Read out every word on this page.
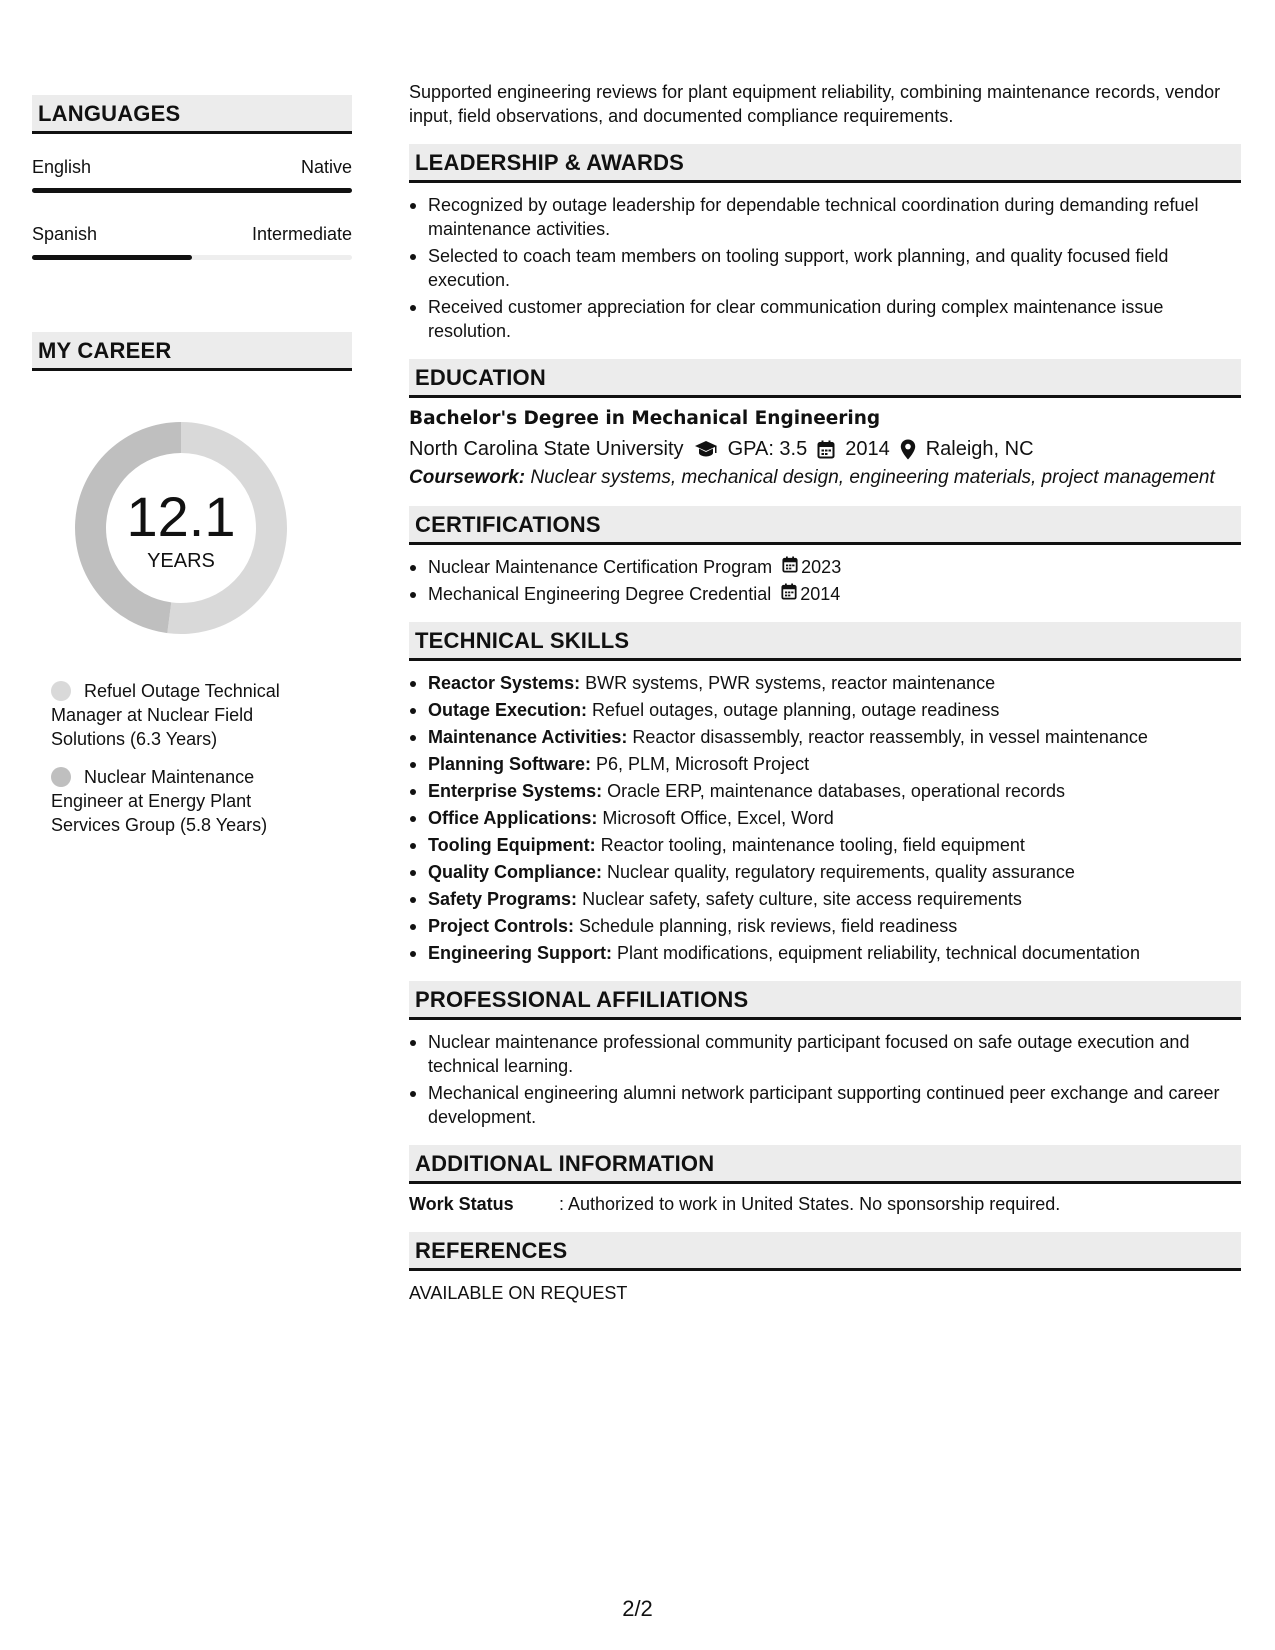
LANGUAGES
English	Native
Spanish	Intermediate
MY CAREER
12.1
YEARS
Refuel Outage Technical Manager at Nuclear Field Solutions (6.3 Years)
Nuclear Maintenance Engineer at Energy Plant Services Group (5.8 Years)

Supported engineering reviews for plant equipment reliability, combining maintenance records, vendor input, field observations, and documented compliance requirements.

LEADERSHIP & AWARDS
Recognized by outage leadership for dependable technical coordination during demanding refuel maintenance activities.
Selected to coach team members on tooling support, work planning, and quality focused field execution.
Received customer appreciation for clear communication during complex maintenance issue resolution.
EDUCATION
Bachelor's Degree in Mechanical Engineering
North Carolina State University GPA: 3.5 2014 Raleigh, NC
Coursework: Nuclear systems, mechanical design, engineering materials, project management
CERTIFICATIONS
Nuclear Maintenance Certification Program 2023
Mechanical Engineering Degree Credential 2014
TECHNICAL SKILLS
Reactor Systems: BWR systems, PWR systems, reactor maintenance
Outage Execution: Refuel outages, outage planning, outage readiness
Maintenance Activities: Reactor disassembly, reactor reassembly, in vessel maintenance
Planning Software: P6, PLM, Microsoft Project
Enterprise Systems: Oracle ERP, maintenance databases, operational records
Office Applications: Microsoft Office, Excel, Word
Tooling Equipment: Reactor tooling, maintenance tooling, field equipment
Quality Compliance: Nuclear quality, regulatory requirements, quality assurance
Safety Programs: Nuclear safety, safety culture, site access requirements
Project Controls: Schedule planning, risk reviews, field readiness
Engineering Support: Plant modifications, equipment reliability, technical documentation
PROFESSIONAL AFFILIATIONS
Nuclear maintenance professional community participant focused on safe outage execution and technical learning.
Mechanical engineering alumni network participant supporting continued peer exchange and career development.
ADDITIONAL INFORMATION
Work Status	: Authorized to work in United States. No sponsorship required.
REFERENCES
AVAILABLE ON REQUEST
2/2
